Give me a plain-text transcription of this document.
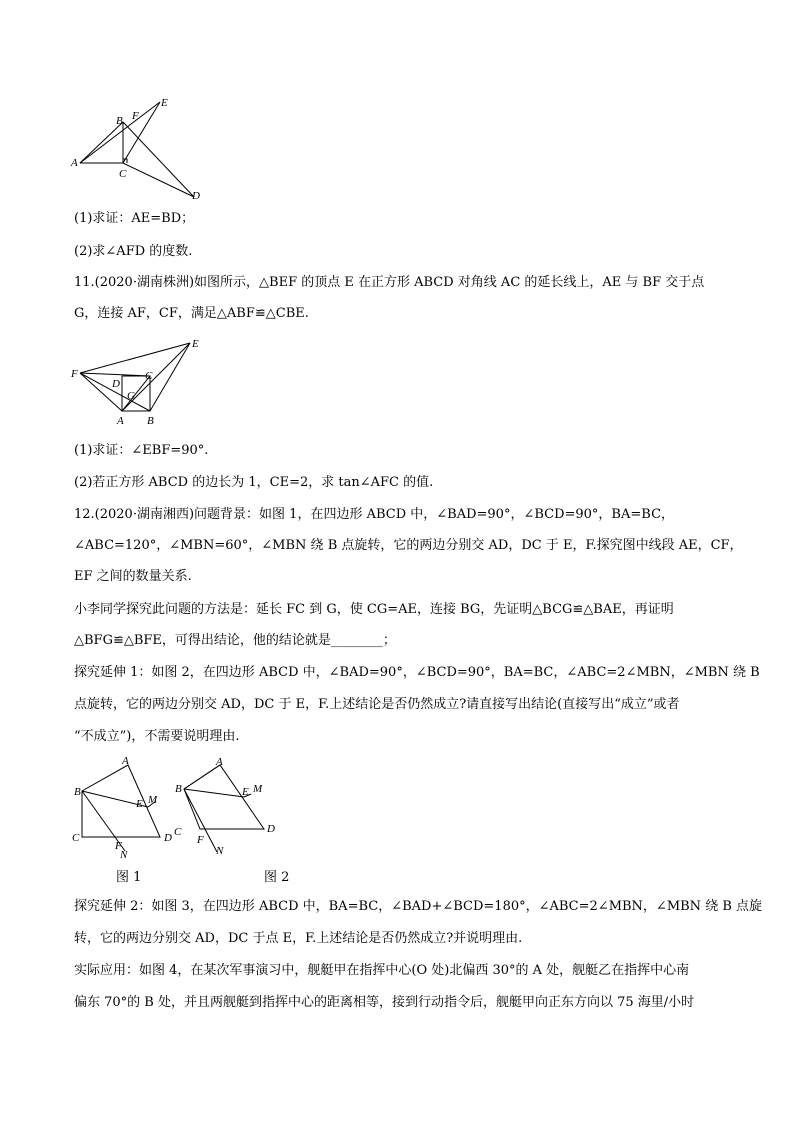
A
B
C
D
E
F
(1)求证：AE=BD；
(2)求∠AFD 的度数.
11.(2020·湖南株洲)如图所示，△BEF 的顶点 E 在正方形 ABCD 对角线 AC 的延长线上，AE 与 BF 交于点
G，连接 AF，CF，满足△ABF≌△CBE.
F
E
C
D
G
A B
(1)求证：∠EBF=90°.
(2)若正方形 ABCD 的边长为 1，CE=2，求 tan∠AFC 的值.
12.(2020·湖南湘西)问题背景：如图 1，在四边形 ABCD 中，∠BAD=90°，∠BCD=90°，BA=BC，
∠ABC=120°，∠MBN=60°，∠MBN 绕 B 点旋转，它的两边分别交 AD，DC 于 E，F.探究图中线段 AE，CF，
EF 之间的数量关系.
小李同学探究此问题的方法是：延长 FC 到 G，使 CG=AE，连接 BG，先证明△BCG≌△BAE，再证明
△BFG≌△BFE，可得出结论，他的结论就是________；
探究延伸 1：如图 2，在四边形 ABCD 中，∠BAD=90°，∠BCD=90°，BA=BC，∠ABC=2∠MBN，∠MBN 绕 B
点旋转，它的两边分别交 AD，DC 于 E，F.上述结论是否仍然成立?请直接写出结论(直接写出“成立”或者
“不成立”)，不需要说明理由.
A
B
C	D
E
F
M
N
图 1
A
B
C	D
E
F
M
N
图 2
探究延伸 2：如图 3，在四边形 ABCD 中，BA=BC，∠BAD+∠BCD=180°，∠ABC=2∠MBN，∠MBN 绕 B 点旋
转，它的两边分别交 AD，DC 于点 E，F.上述结论是否仍然成立?并说明理由.
实际应用：如图 4，在某次军事演习中，舰艇甲在指挥中心(O 处)北偏西 30°的 A 处，舰艇乙在指挥中心南
偏东 70°的 B 处，并且两舰艇到指挥中心的距离相等，接到行动指令后，舰艇甲向正东方向以 75 海里/小时
